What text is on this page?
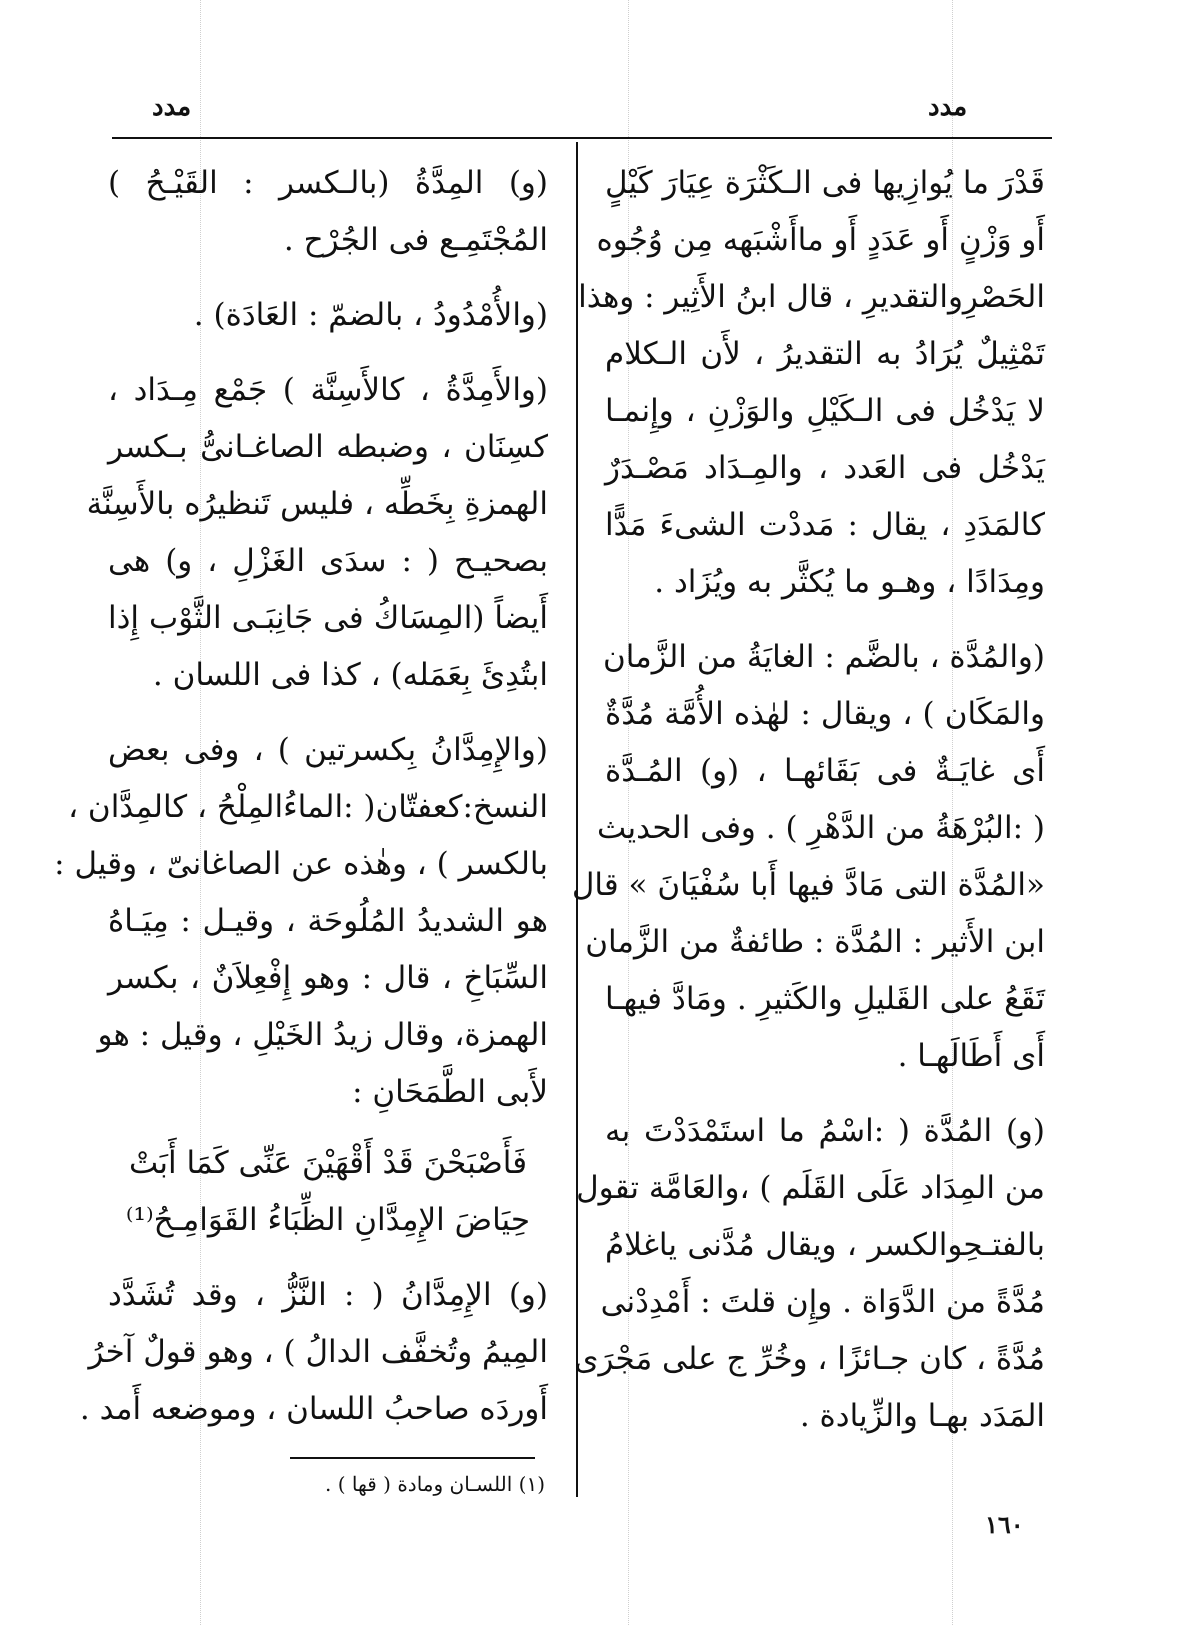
مدد
مدد
قَدْرَ ما يُوازِيها فى الـكَثْرَة عِيَارَ كَيْلٍ
أَو وَزْنٍ أَو عَدَدٍ أَو ماأَشْبَهه مِن وُجُوه
الحَصْرِوالتقديرِ ، قال ابنُ الأَثِير : وهذا
تَمْثِيلٌ يُرَادُ به التقديرُ ، لأَن الـكلام
لا يَدْخُل فى الـكَيْلِ والوَزْنِ ، وإِنمـا
يَدْخُل فى العَدد ، والمِـدَاد مَصْـدَرٌ
كالمَدَدِ ، يقال : مَددْت الشىءَ مَدًّا
ومِدَادًا ، وهـو ما يُكثَّر به ويُزَاد .
(والمُدَّة ، بالضَّم : الغايَةُ من الزَّمان
والمَكَان ) ، ويقال : لهٰذه الأُمَّة مُدَّةٌ
أَى غايَـةٌ فى بَقَائهـا ، (و) المُـدَّة
( :البُرْهَةُ من الدَّهْرِ ) . وفى الحديث
«المُدَّة التى مَادَّ فيها أَبا سُفْيَانَ » قال
ابن الأَثير : المُدَّة : طائفةٌ من الزَّمان
تَقَعُ على القَليلِ والكَثيرِ . ومَادَّ فيهـا
أَى أَطَالَهـا .
(و) المُدَّة ( :اسْمُ ما استَمْدَدْتَ به
من المِدَاد عَلَى القَلَم ) ،والعَامَّة تقول
بالفتـحِوالكسر ، ويقال مُدَّنى ياغلامُ
مُدَّةً من الدَّوَاة . وإِن قلتَ : أَمْدِدْنى
مُدَّةً ، كان جـائزًا ، وخُرِّ ج على مَجْرَى
المَدَد بهـا والزِّيادة .
(و) المِدَّةُ (بالـكسر : القَيْـحُ )
المُجْتَمِـع فى الجُرْح .
(والأُمْدُودُ ، بالضمّ : العَادَة) .
(والأَمِدَّةُ ، كالأَسِنَّة ) جَمْع مِـدَاد ،
كسِنَان ، وضبطه الصاغـانىُّ بـكسر
الهمزةِ بِخَطِّه ، فليس تَنظيرُه بالأَسِنَّة
بصحيـح ( : سدَى الغَزْلِ ، و) هى
أَيضاً (المِسَاكُ فى جَانِبَـى الثَّوْب إِذا
ابتُدِئَ بِعَمَله) ، كذا فى اللسان .
(والإِمِدَّانُ بِكسرتين ) ، وفى بعض
النسخ:كعفتّان( :الماءُالمِلْحُ ، كالمِدَّان ،
بالكسر ) ، وهٰذه عن الصاغانىّ ، وقيل :
هو الشديدُ المُلُوحَة ، وقيـل : مِيَـاهُ
السِّبَاخِ ، قال : وهو إِفْعِلاَنٌ ، بكسر
الهمزة، وقال زيدُ الخَيْلِ ، وقيل : هو
لأَبى الطَّمَحَانِ :
فَأَصْبَحْنَ قَدْ أَقْهَيْنَ عَنِّى كَمَا أَبَتْ
حِيَاضَ الإِمِدَّانِ الظِّبَاءُ القَوَامِـحُ⁽¹⁾
(و) الإِمِدَّانُ ( : النَّزُّ ، وقد تُشَدَّد
المِيمُ وتُخفَّف الدالُ ) ، وهو قولٌ آخرُ
أَوردَه صاحبُ اللسان ، وموضعه أَمد .
(١) اللسـان ومادة ( قها ) .
١٦٠
